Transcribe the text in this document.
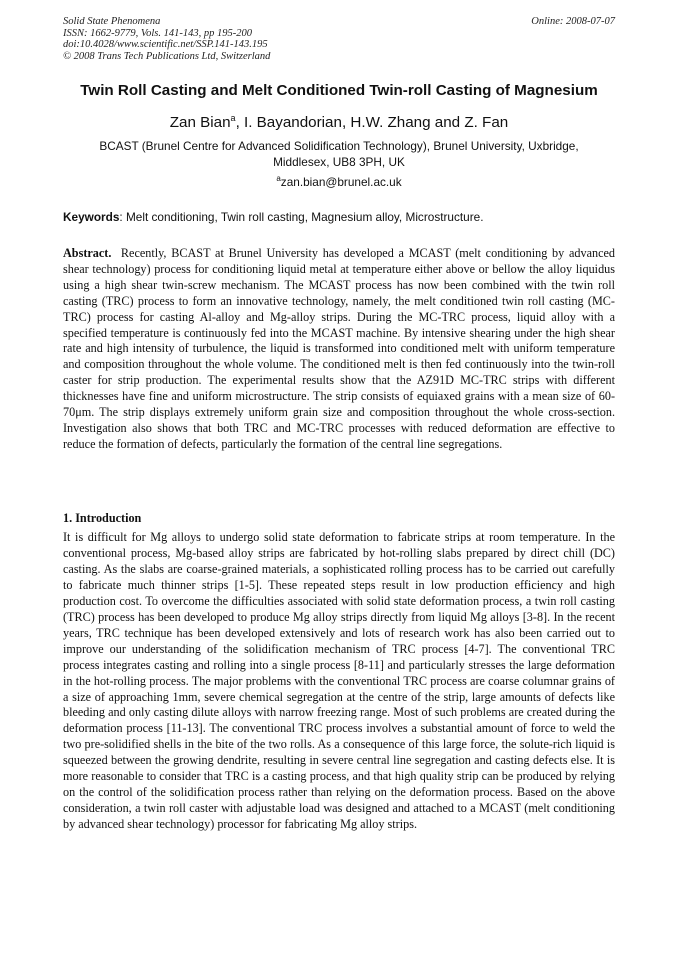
Solid State Phenomena
ISSN: 1662-9779, Vols. 141-143, pp 195-200
doi:10.4028/www.scientific.net/SSP.141-143.195
© 2008 Trans Tech Publications Ltd, Switzerland
Online: 2008-07-07
Twin Roll Casting and Melt Conditioned Twin-roll Casting of Magnesium
Zan Bian$^a$, I. Bayandorian, H.W. Zhang and Z. Fan
BCAST (Brunel Centre for Advanced Solidification Technology), Brunel University, Uxbridge, Middlesex, UB8 3PH, UK
$^a$zan.bian@brunel.ac.uk
Keywords: Melt conditioning, Twin roll casting, Magnesium alloy, Microstructure.
Abstract. Recently, BCAST at Brunel University has developed a MCAST (melt conditioning by advanced shear technology) process for conditioning liquid metal at temperature either above or bellow the alloy liquidus using a high shear twin-screw mechanism. The MCAST process has now been combined with the twin roll casting (TRC) process to form an innovative technology, namely, the melt conditioned twin roll casting (MC-TRC) process for casting Al-alloy and Mg-alloy strips. During the MC-TRC process, liquid alloy with a specified temperature is continuously fed into the MCAST machine. By intensive shearing under the high shear rate and high intensity of turbulence, the liquid is transformed into conditioned melt with uniform temperature and composition throughout the whole volume. The conditioned melt is then fed continuously into the twin-roll caster for strip production. The experimental results show that the AZ91D MC-TRC strips with different thicknesses have fine and uniform microstructure. The strip consists of equiaxed grains with a mean size of 60-70μm. The strip displays extremely uniform grain size and composition throughout the whole cross-section. Investigation also shows that both TRC and MC-TRC processes with reduced deformation are effective to reduce the formation of defects, particularly the formation of the central line segregations.
1. Introduction
It is difficult for Mg alloys to undergo solid state deformation to fabricate strips at room temperature. In the conventional process, Mg-based alloy strips are fabricated by hot-rolling slabs prepared by direct chill (DC) casting. As the slabs are coarse-grained materials, a sophisticated rolling process has to be carried out carefully to fabricate much thinner strips [1-5]. These repeated steps result in low production efficiency and high production cost. To overcome the difficulties associated with solid state deformation process, a twin roll casting (TRC) process has been developed to produce Mg alloy strips directly from liquid Mg alloys [3-8]. In the recent years, TRC technique has been developed extensively and lots of research work has also been carried out to improve our understanding of the solidification mechanism of TRC process [4-7]. The conventional TRC process integrates casting and rolling into a single process [8-11] and particularly stresses the large deformation in the hot-rolling process. The major problems with the conventional TRC process are coarse columnar grains of a size of approaching 1mm, severe chemical segregation at the centre of the strip, large amounts of defects like bleeding and only casting dilute alloys with narrow freezing range. Most of such problems are created during the deformation process [11-13]. The conventional TRC process involves a substantial amount of force to weld the two pre-solidified shells in the bite of the two rolls. As a consequence of this large force, the solute-rich liquid is squeezed between the growing dendrite, resulting in severe central line segregation and casting defects else. It is more reasonable to consider that TRC is a casting process, and that high quality strip can be produced by relying on the control of the solidification process rather than relying on the deformation process. Based on the above consideration, a twin roll caster with adjustable load was designed and attached to a MCAST (melt conditioning by advanced shear technology) processor for fabricating Mg alloy strips.
